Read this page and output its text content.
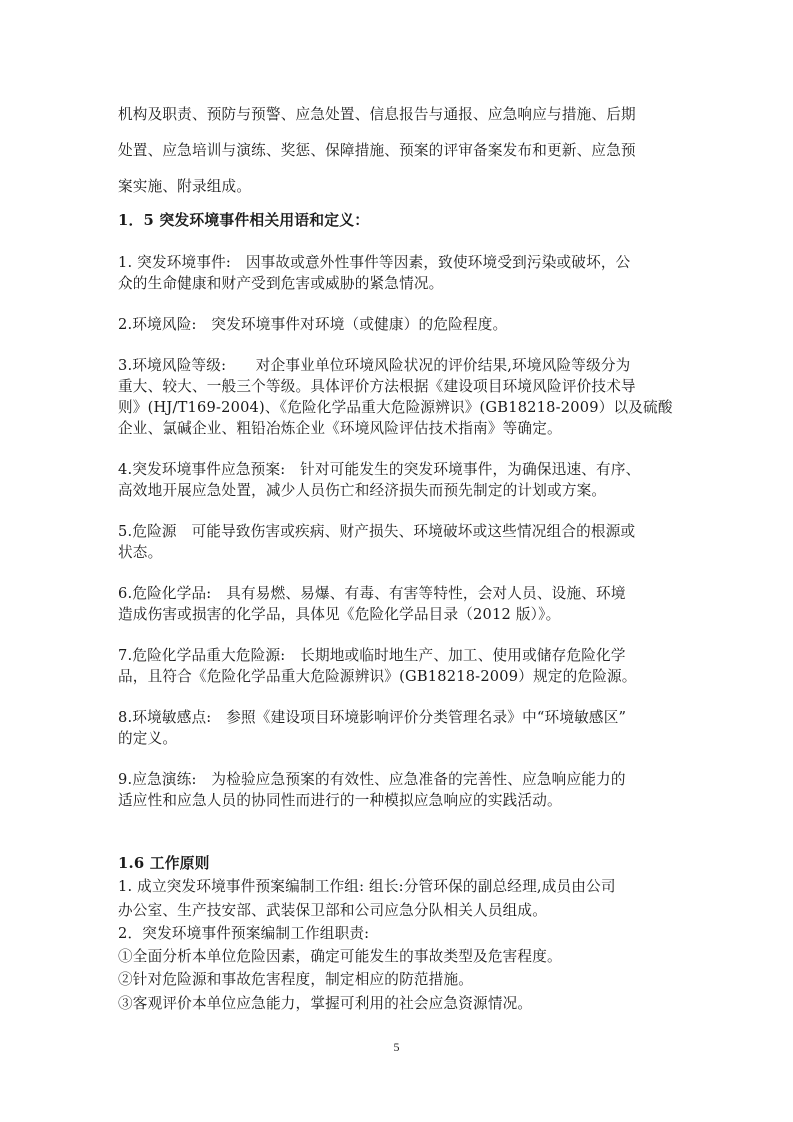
机构及职责、预防与预警、应急处置、信息报告与通报、应急响应与措施、后期

处置、应急培训与演练、奖惩、保障措施、预案的评审备案发布和更新、应急预

案实施、附录组成。

1．5 突发环境事件相关用语和定义：

1. 突发环境事件:　因事故或意外性事件等因素，致使环境受到污染或破坏，公

众的生命健康和财产受到危害或威胁的紧急情况。

2.环境风险:　突发环境事件对环境（或健康）的危险程度。

3.环境风险等级:　　对企事业单位环境风险状况的评价结果,环境风险等级分为

重大、较大、一般三个等级。具体评价方法根据《建设项目环境风险评价技术导

则》(HJ/T169-2004)、《危险化学品重大危险源辨识》(GB18218-2009）以及硫酸

企业、氯碱企业、粗铅冶炼企业《环境风险评估技术指南》等确定。

4.突发环境事件应急预案:　针对可能发生的突发环境事件，为确保迅速、有序、

高效地开展应急处置，减少人员伤亡和经济损失而预先制定的计划或方案。

5.危险源　可能导致伤害或疾病、财产损失、环境破坏或这些情况组合的根源或

状态。

6.危险化学品:　具有易燃、易爆、有毒、有害等特性，会对人员、设施、环境

造成伤害或损害的化学品，具体见《危险化学品目录（2012 版）》。

7.危险化学品重大危险源:　长期地或临时地生产、加工、使用或储存危险化学

品，且符合《危险化学品重大危险源辨识》(GB18218-2009）规定的危险源。

8.环境敏感点:　参照《建设项目环境影响评价分类管理名录》中“环境敏感区”

的定义。

9.应急演练:　为检验应急预案的有效性、应急准备的完善性、应急响应能力的

适应性和应急人员的协同性而进行的一种模拟应急响应的实践活动。

1.6 工作原则

1. 成立突发环境事件预案编制工作组: 组长:分管环保的副总经理,成员由公司

办公室、生产技安部、武装保卫部和公司应急分队相关人员组成。

2．突发环境事件预案编制工作组职责:

①全面分析本单位危险因素，确定可能发生的事故类型及危害程度。

②针对危险源和事故危害程度，制定相应的防范措施。

③客观评价本单位应急能力，掌握可利用的社会应急资源情况。

5
